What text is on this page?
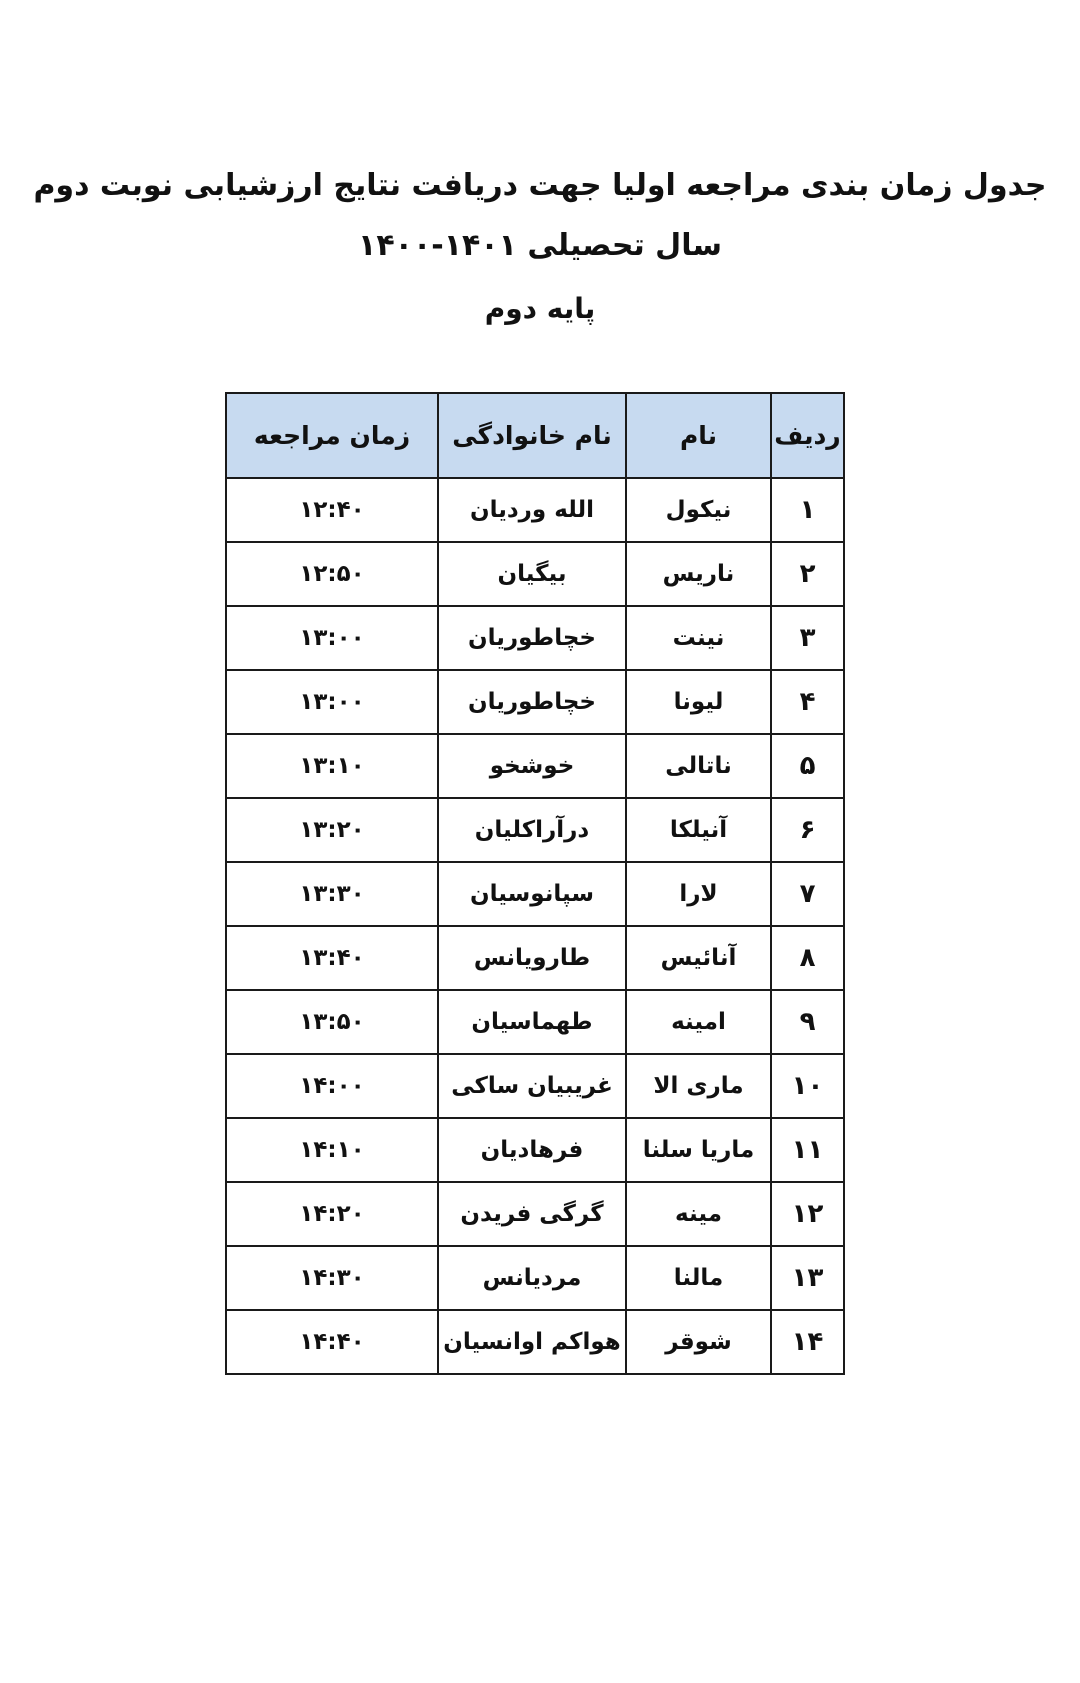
جدول زمان بندی مراجعه اولیا جهت دریافت نتایج ارزشیابی نوبت دوم
سال تحصیلی ۱۴۰۱-۱۴۰۰
پایه دوم
ردیف	نام	نام خانوادگی	زمان مراجعه
۱	نیکول	الله وردیان	۱۲:۴۰
۲	ناریس	بیگیان	۱۲:۵۰
۳	نینت	خچاطوریان	۱۳:۰۰
۴	لیونا	خچاطوریان	۱۳:۰۰
۵	ناتالی	خوشخو	۱۳:۱۰
۶	آنیلکا	درآراکلیان	۱۳:۲۰
۷	لارا	سپانوسیان	۱۳:۳۰
۸	آنائیس	طارویانس	۱۳:۴۰
۹	امینه	طهماسیان	۱۳:۵۰
۱۰	ماری الا	غریبیان ساکی	۱۴:۰۰
۱۱	ماریا سلنا	فرهادیان	۱۴:۱۰
۱۲	مینه	گرگی فریدن	۱۴:۲۰
۱۳	مالنا	مردیانس	۱۴:۳۰
۱۴	شوقر	هواکم اوانسیان	۱۴:۴۰
